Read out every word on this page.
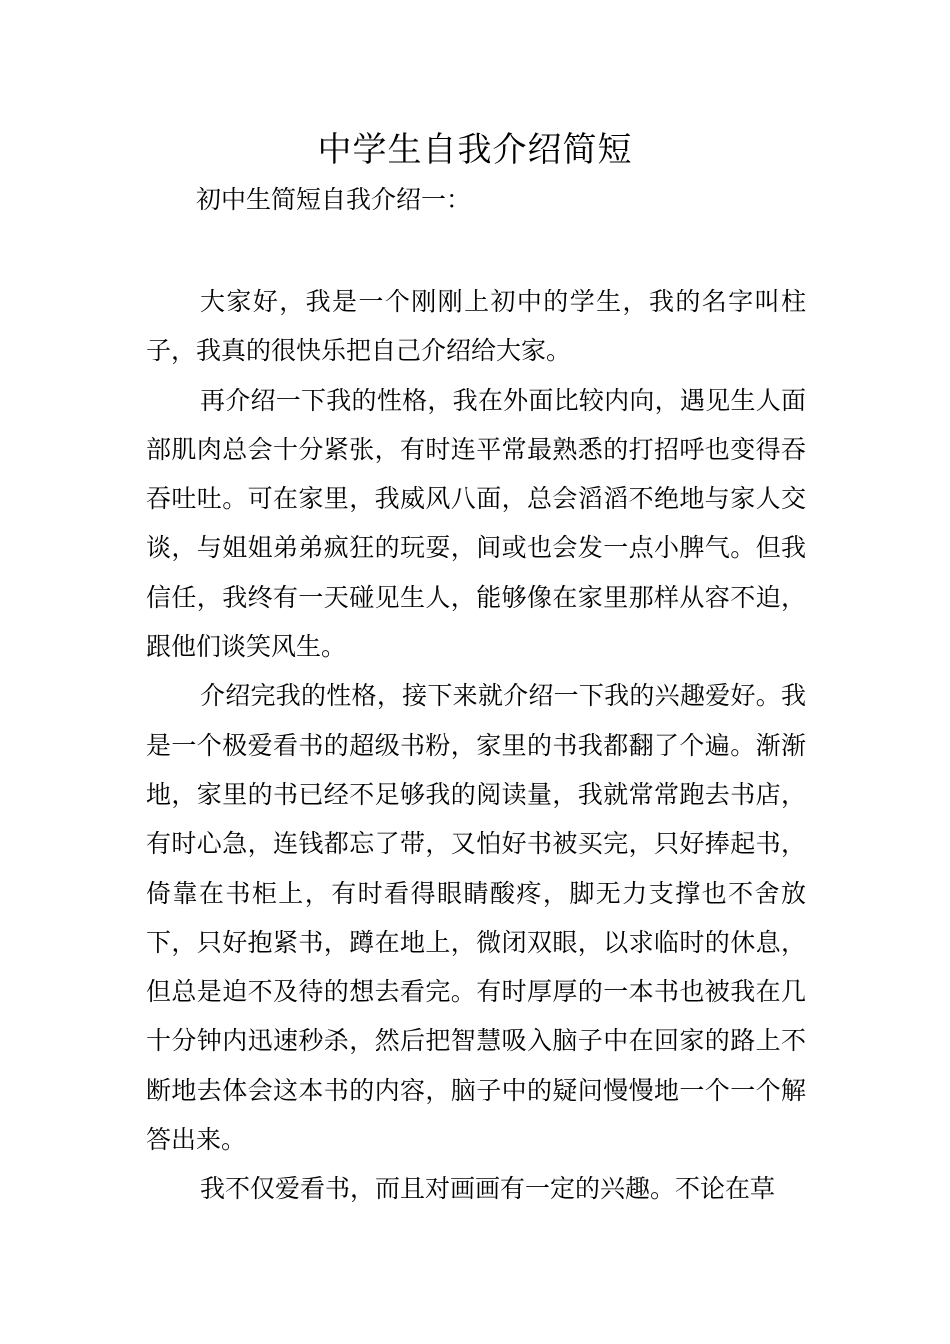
中学生自我介绍简短

初中生简短自我介绍一：

大家好，我是一个刚刚上初中的学生，我的名字叫柱子，我真的很快乐把自己介绍给大家。

再介绍一下我的性格，我在外面比较内向，遇见生人面部肌肉总会十分紧张，有时连平常最熟悉的打招呼也变得吞吞吐吐。可在家里，我威风八面，总会滔滔不绝地与家人交谈，与姐姐弟弟疯狂的玩耍，间或也会发一点小脾气。但我信任，我终有一天碰见生人，能够像在家里那样从容不迫，跟他们谈笑风生。

介绍完我的性格，接下来就介绍一下我的兴趣爱好。我是一个极爱看书的超级书粉，家里的书我都翻了个遍。渐渐地，家里的书已经不足够我的阅读量，我就常常跑去书店，有时心急，连钱都忘了带，又怕好书被买完，只好捧起书，倚靠在书柜上，有时看得眼睛酸疼，脚无力支撑也不舍放下，只好抱紧书，蹲在地上，微闭双眼，以求临时的休息，但总是迫不及待的想去看完。有时厚厚的一本书也被我在几十分钟内迅速秒杀，然后把智慧吸入脑子中在回家的路上不断地去体会这本书的内容，脑子中的疑问慢慢地一个一个解答出来。

我不仅爱看书，而且对画画有一定的兴趣。不论在草
